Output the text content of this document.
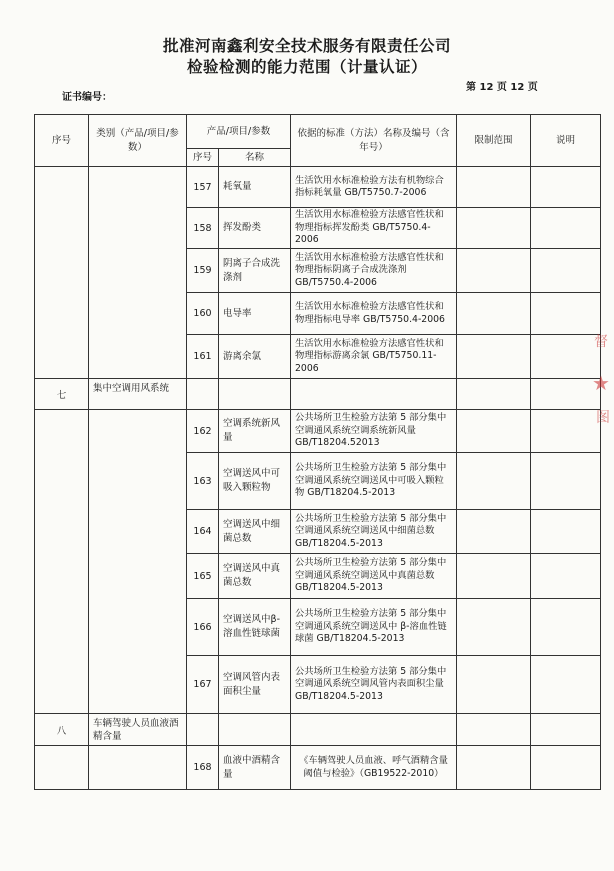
批准河南鑫利安全技术服务有限责任公司
检验检测的能力范围（计量认证）
证书编号：
第 12 页 12 页
序号	类别（产品/项目/参数）	产品/项目/参数		依据的标准（方法）名称及编号（含年号）	限制范围	说明
		序号	名称			
		157	耗氧量	生活饮用水标准检验方法有机物综合指标耗氧量 GB/T5750.7-2006		
		158	挥发酚类	生活饮用水标准检验方法感官性状和物理指标挥发酚类 GB/T5750.4-2006		
		159	阴离子合成洗涤剂	生活饮用水标准检验方法感官性状和物理指标阴离子合成洗涤剂 GB/T5750.4-2006		
		160	电导率	生活饮用水标准检验方法感官性状和物理指标电导率 GB/T5750.4-2006		
		161	游离余氯	生活饮用水标准检验方法感官性状和物理指标游离余氯 GB/T5750.11-2006		
七	集中空调用风系统					
		162	空调系统新风量	公共场所卫生检验方法第 5 部分集中空调通风系统空调系统新风量 GB/T18204.52013		
		163	空调送风中可吸入颗粒物	公共场所卫生检验方法第 5 部分集中空调通风系统空调送风中可吸入颗粒物 GB/T18204.5-2013		
		164	空调送风中细菌总数	公共场所卫生检验方法第 5 部分集中空调通风系统空调送风中细菌总数 GB/T18204.5-2013		
		165	空调送风中真菌总数	公共场所卫生检验方法第 5 部分集中空调通风系统空调送风中真菌总数 GB/T18204.5-2013		
		166	空调送风中β-溶血性链球菌	公共场所卫生检验方法第 5 部分集中空调通风系统空调送风中 β-溶血性链球菌 GB/T18204.5-2013		
		167	空调风管内表面积尘量	公共场所卫生检验方法第 5 部分集中空调通风系统空调风管内表面积尘量 GB/T18204.5-2013		
八	车辆驾驶人员血液酒精含量					
		168	血液中酒精含量	《车辆驾驶人员血液、呼气酒精含量阈值与检验》（GB19522-2010）		
督
★
图
